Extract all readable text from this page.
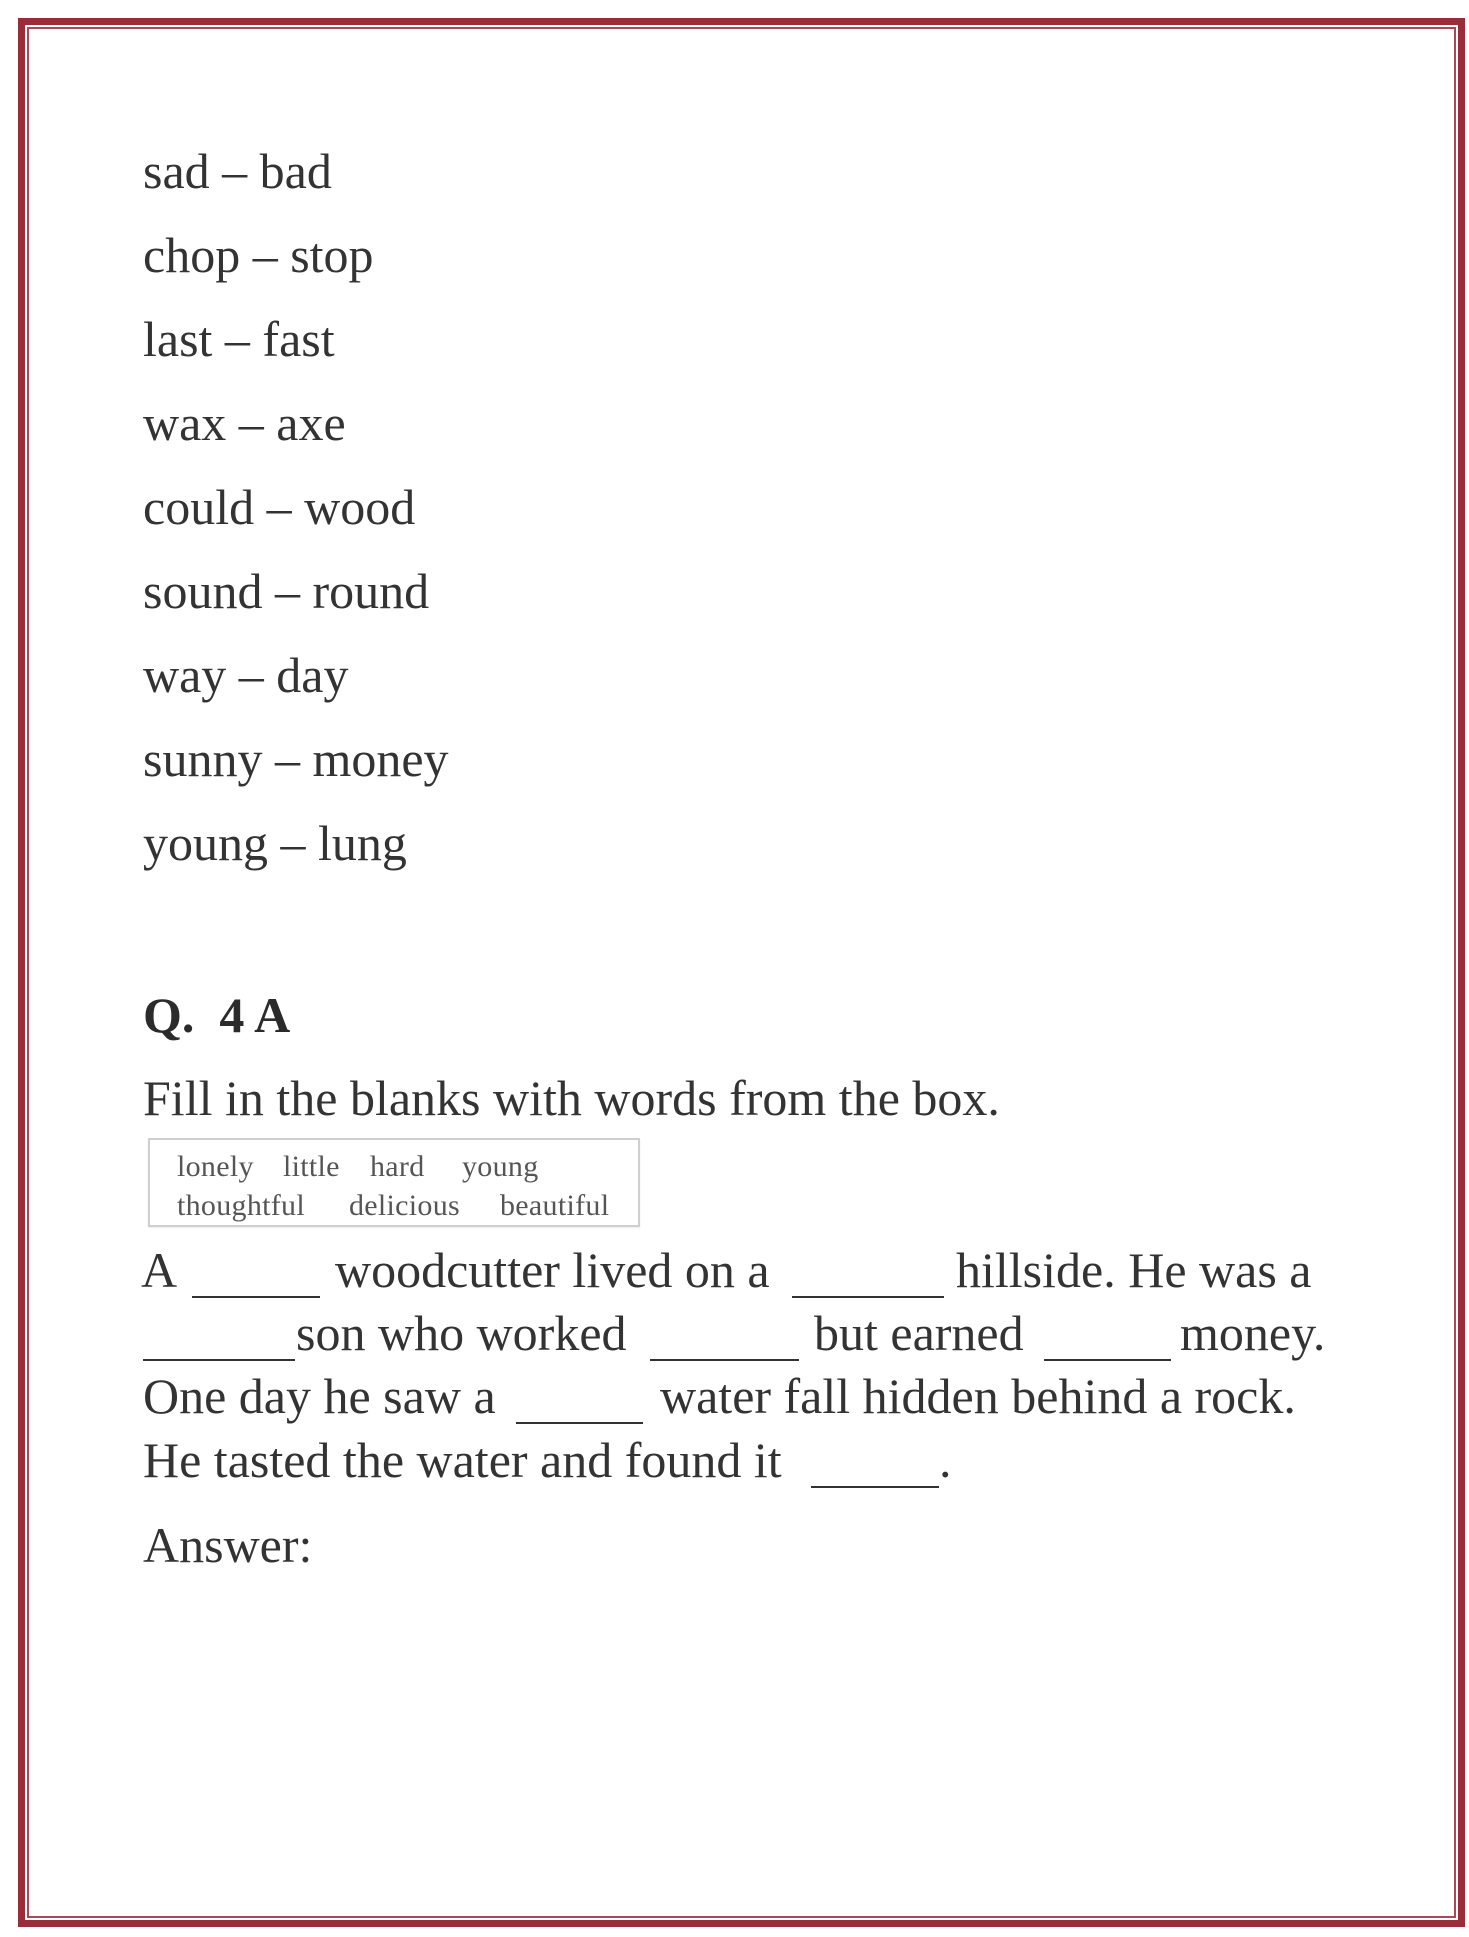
sad – bad
chop – stop
last – fast
wax – axe
could – wood
sound – round
way – day
sunny – money
young – lung
Q.  4 A
Fill in the blanks with words from the box.
lonely little hard young
thoughtful delicious beautiful
A	woodcutter lived on a	hillside. He was a
son who worked	but earned	money.
One day he saw a	water fall hidden behind a rock.
He tasted the water and found it	.
Answer:
